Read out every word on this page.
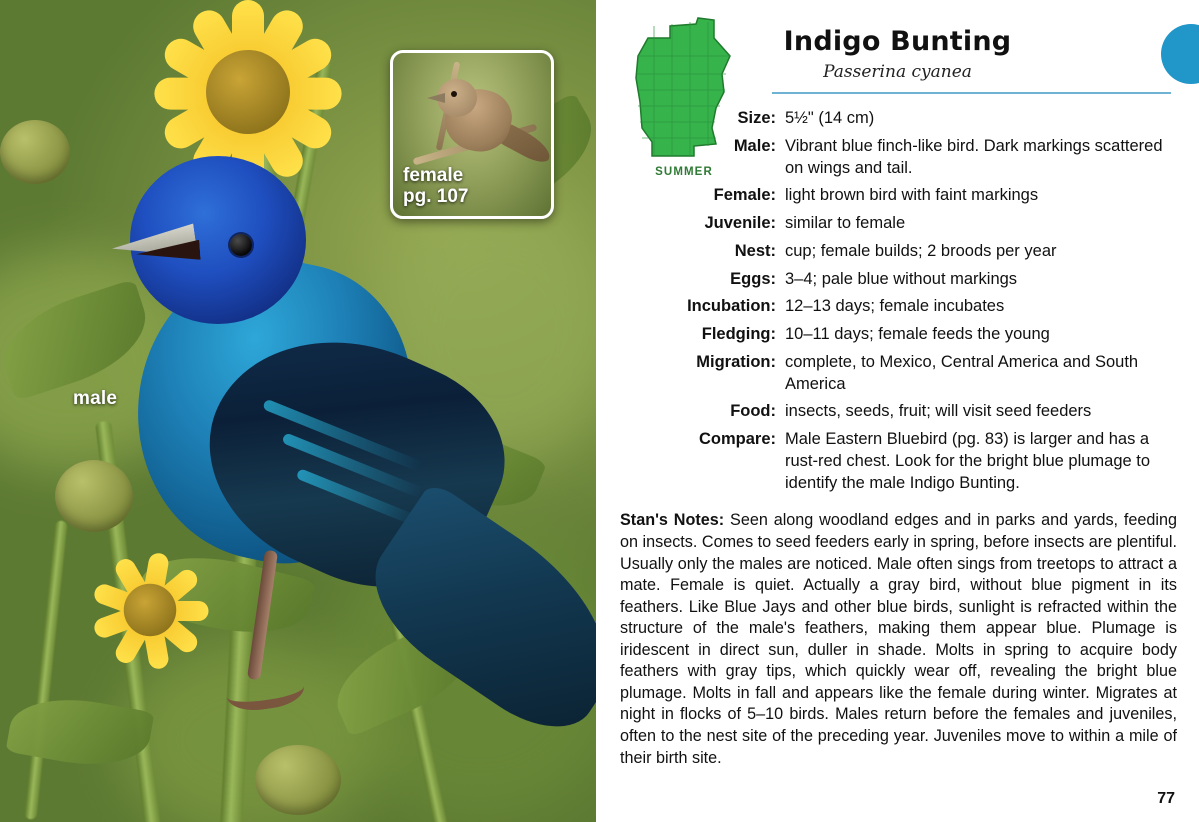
male
female
pg. 107
SUMMER
Indigo Bunting
Passerina cyanea
Size: 5½" (14 cm)
Male: Vibrant blue finch-like bird. Dark markings scattered on wings and tail.
Female: light brown bird with faint markings
Juvenile: similar to female
Nest: cup; female builds; 2 broods per year
Eggs: 3–4; pale blue without markings
Incubation: 12–13 days; female incubates
Fledging: 10–11 days; female feeds the young
Migration: complete, to Mexico, Central America and South America
Food: insects, seeds, fruit; will visit seed feeders
Compare: Male Eastern Bluebird (pg. 83) is larger and has a rust-red chest. Look for the bright blue plumage to identify the male Indigo Bunting.
Stan's Notes: Seen along woodland edges and in parks and yards, feeding on insects. Comes to seed feeders early in spring, before insects are plentiful. Usually only the males are noticed. Male often sings from treetops to attract a mate. Female is quiet. Actually a gray bird, without blue pigment in its feathers. Like Blue Jays and other blue birds, sunlight is refracted within the structure of the male's feathers, making them appear blue. Plumage is iridescent in direct sun, duller in shade. Molts in spring to acquire body feathers with gray tips, which quickly wear off, revealing the bright blue plumage. Molts in fall and appears like the female during winter. Migrates at night in flocks of 5–10 birds. Males return before the females and juveniles, often to the nest site of the preceding year. Juveniles move to within a mile of their birth site.
77
